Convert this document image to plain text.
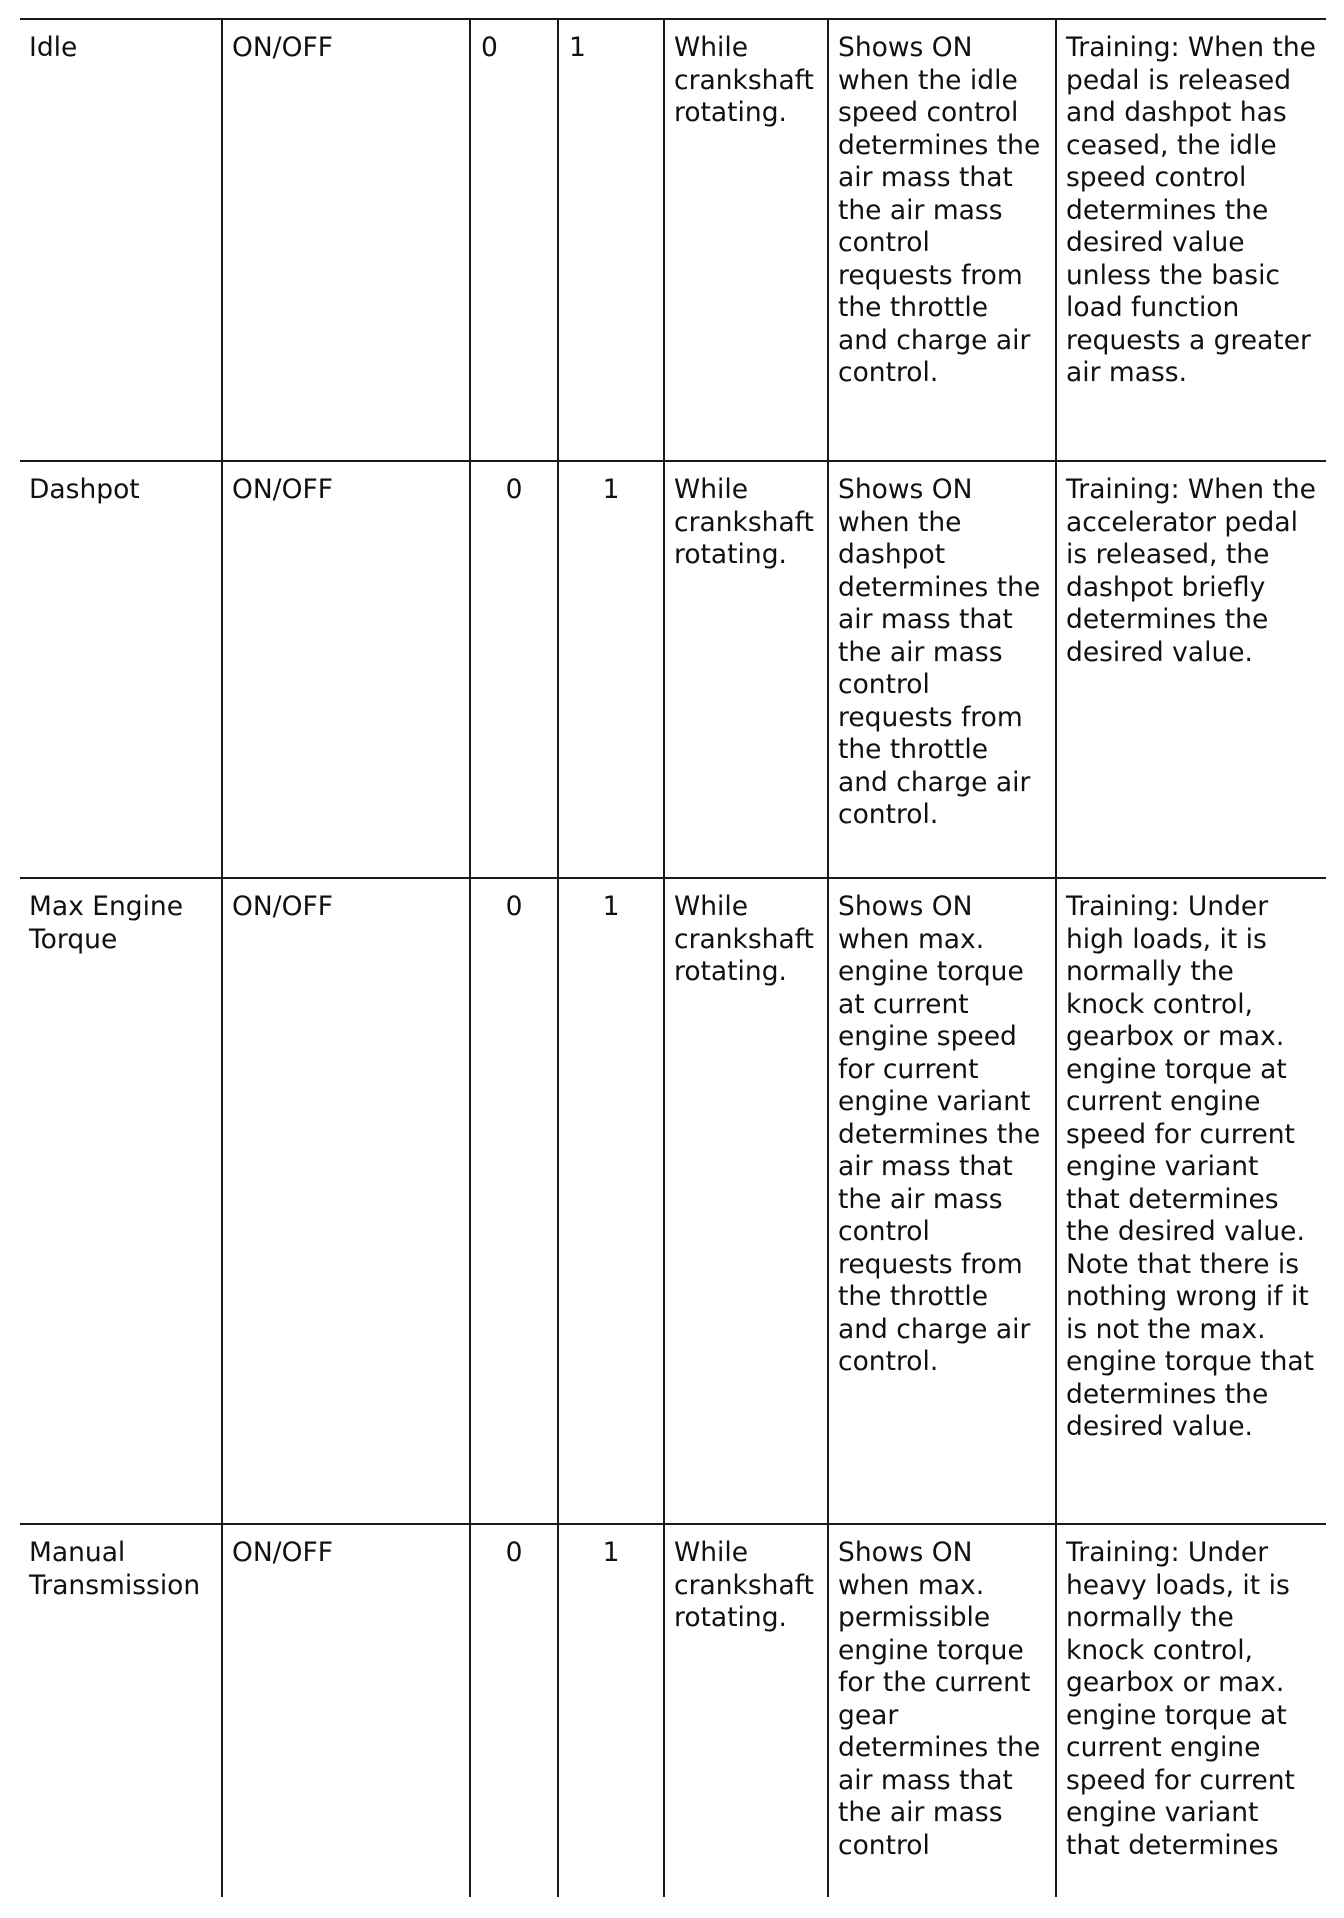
Idle	ON/OFF	0	1	While crankshaft rotating.	Shows ON when the idle speed control determines the air mass that the air mass control requests from the throttle and charge air control.	Training: When the pedal is released and dashpot has ceased, the idle speed control determines the desired value unless the basic load function requests a greater air mass.
Dashpot	ON/OFF	0	1	While crankshaft rotating.	Shows ON when the dashpot determines the air mass that the air mass control requests from the throttle and charge air control.	Training: When the accelerator pedal is released, the dashpot briefly determines the desired value.
Max Engine Torque	ON/OFF	0	1	While crankshaft rotating.	Shows ON when max. engine torque at current engine speed for current engine variant determines the air mass that the air mass control requests from the throttle and charge air control.	Training: Under high loads, it is normally the knock control, gearbox or max. engine torque at current engine speed for current engine variant that determines the desired value. Note that there is nothing wrong if it is not the max. engine torque that determines the desired value.
Manual Transmission	ON/OFF	0	1	While crankshaft rotating.	Shows ON when max. permissible engine torque for the current gear determines the air mass that the air mass control	Training: Under heavy loads, it is normally the knock control, gearbox or max. engine torque at current engine speed for current engine variant that determines
